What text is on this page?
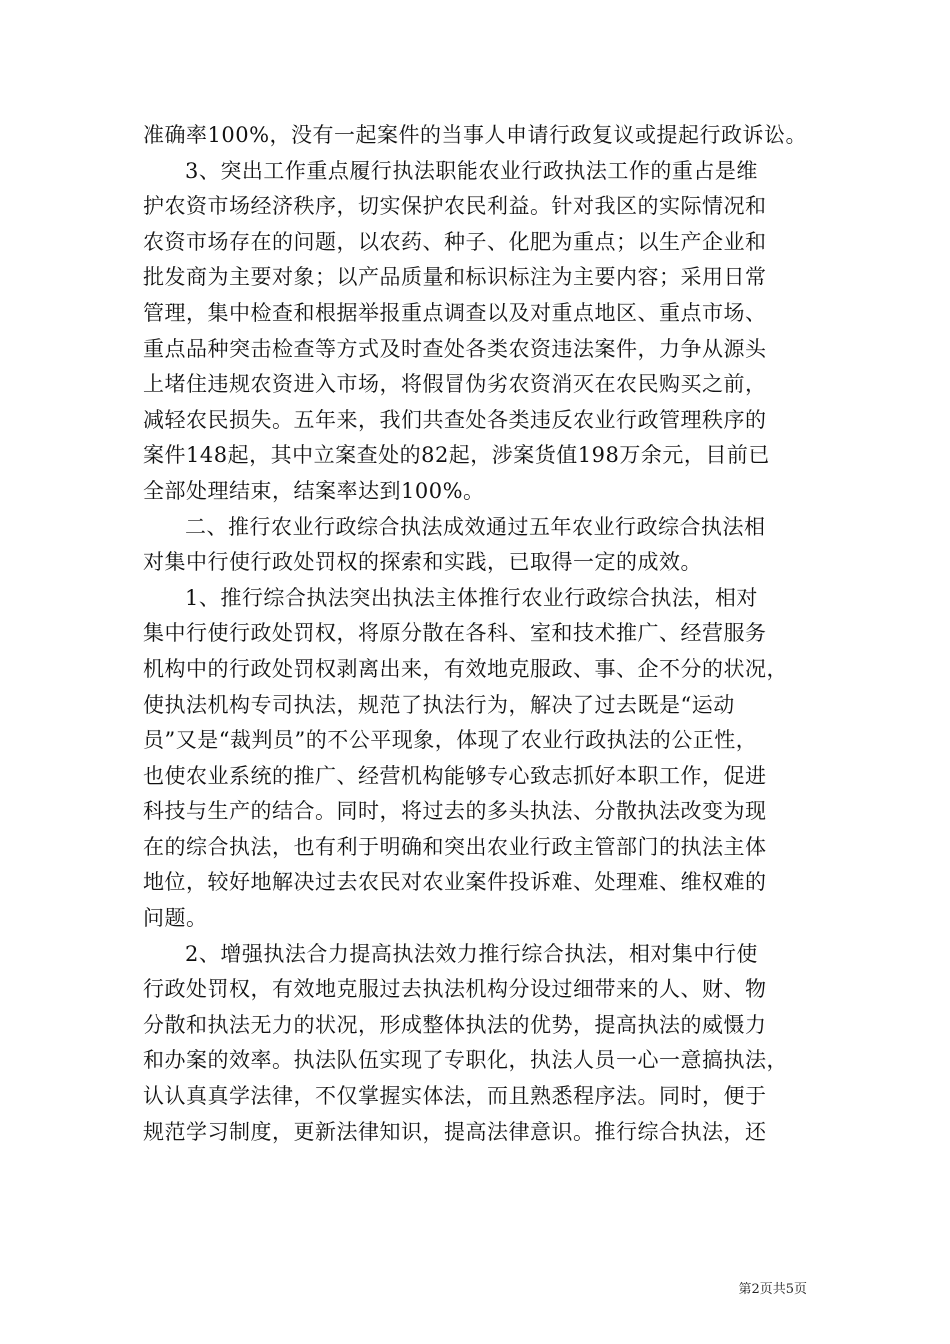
准确率100%，没有一起案件的当事人申请行政复议或提起行政诉讼。
3、突出工作重点履行执法职能农业行政执法工作的重占是维
护农资市场经济秩序，切实保护农民利益。针对我区的实际情况和
农资市场存在的问题，以农药、种子、化肥为重点；以生产企业和
批发商为主要对象；以产品质量和标识标注为主要内容；采用日常
管理，集中检查和根据举报重点调查以及对重点地区、重点市场、
重点品种突击检查等方式及时查处各类农资违法案件，力争从源头
上堵住违规农资进入市场，将假冒伪劣农资消灭在农民购买之前，
减轻农民损失。五年来，我们共查处各类违反农业行政管理秩序的
案件148起，其中立案查处的82起，涉案货值198万余元，目前已
全部处理结束，结案率达到100%。
二、推行农业行政综合执法成效通过五年农业行政综合执法相
对集中行使行政处罚权的探索和实践，已取得一定的成效。
1、推行综合执法突出执法主体推行农业行政综合执法，相对
集中行使行政处罚权，将原分散在各科、室和技术推广、经营服务
机构中的行政处罚权剥离出来，有效地克服政、事、企不分的状况，
使执法机构专司执法，规范了执法行为，解决了过去既是“运动
员”又是“裁判员”的不公平现象，体现了农业行政执法的公正性，
也使农业系统的推广、经营机构能够专心致志抓好本职工作，促进
科技与生产的结合。同时，将过去的多头执法、分散执法改变为现
在的综合执法，也有利于明确和突出农业行政主管部门的执法主体
地位，较好地解决过去农民对农业案件投诉难、处理难、维权难的
问题。
2、增强执法合力提高执法效力推行综合执法，相对集中行使
行政处罚权，有效地克服过去执法机构分设过细带来的人、财、物
分散和执法无力的状况，形成整体执法的优势，提高执法的威慑力
和办案的效率。执法队伍实现了专职化，执法人员一心一意搞执法，
认认真真学法律，不仅掌握实体法，而且熟悉程序法。同时，便于
规范学习制度，更新法律知识，提高法律意识。推行综合执法，还
第2页共5页
